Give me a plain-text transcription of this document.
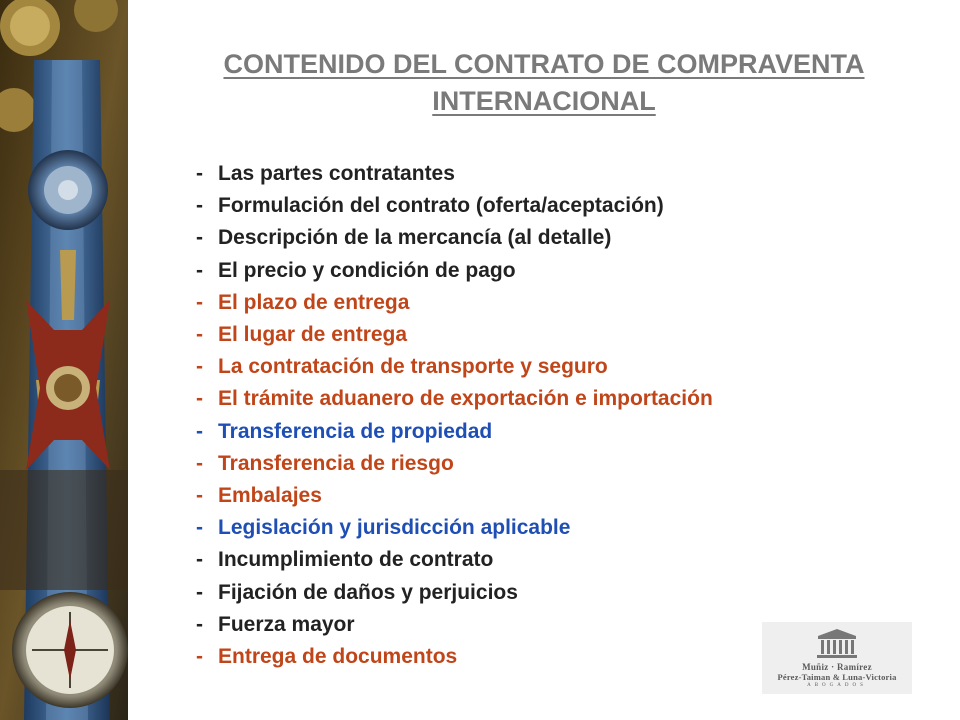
CONTENIDO DEL CONTRATO DE COMPRAVENTA
INTERNACIONAL
- Las partes contratantes
- Formulación del contrato (oferta/aceptación)
- Descripción de la mercancía (al detalle)
- El precio y condición de pago
- El plazo de entrega
- El lugar de entrega
- La contratación de transporte y seguro
- El trámite aduanero de exportación e importación
- Transferencia de propiedad
- Transferencia de riesgo
- Embalajes
- Legislación y jurisdicción aplicable
- Incumplimiento de contrato
- Fijación de daños y perjuicios
- Fuerza mayor
- Entrega de documentos	Muñiz · Ramírez
Pérez-Taiman & Luna-Victoria
ABOGADOS
